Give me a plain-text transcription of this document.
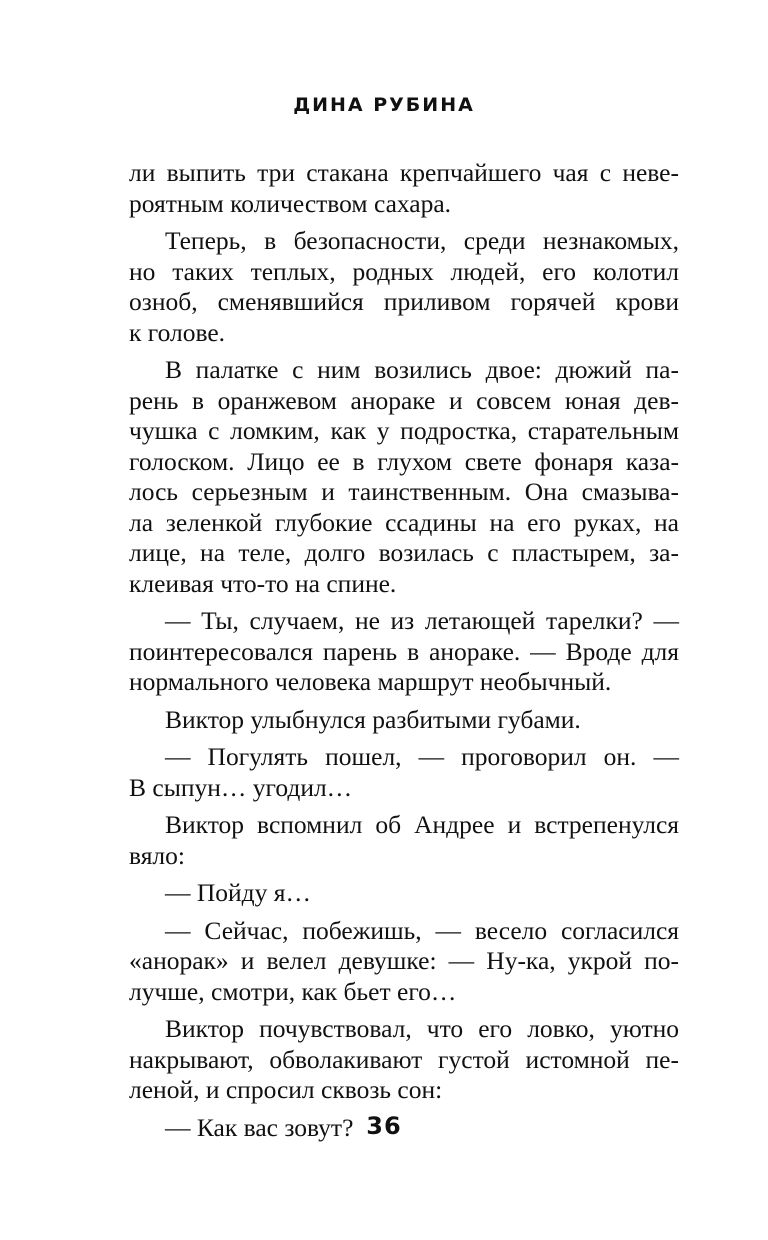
ДИНА РУБИНА
ли выпить три стакана крепчайшего чая с неве-
роятным количеством сахара.
Теперь, в безопасности, среди незнакомых,
но таких теплых, родных людей, его колотил
озноб, сменявшийся приливом горячей крови
к голове.
В палатке с ним возились двое: дюжий па-
рень в оранжевом анораке и совсем юная дев-
чушка с ломким, как у подростка, старательным
голоском. Лицо ее в глухом свете фонаря каза-
лось серьезным и таинственным. Она смазыва-
ла зеленкой глубокие ссадины на его руках, на
лице, на теле, долго возилась с пластырем, за-
клеивая что-то на спине.
— Ты, случаем, не из летающей тарелки? —
поинтересовался парень в анораке. — Вроде для
нормального человека маршрут необычный.
Виктор улыбнулся разбитыми губами.
— Погулять пошел, — проговорил он. —
В сыпун… угодил…
Виктор вспомнил об Андрее и встрепенулся
вяло:
— Пойду я…
— Сейчас, побежишь, — весело согласился
«анорак» и велел девушке: — Ну-ка, укрой по-
лучше, смотри, как бьет его…
Виктор почувствовал, что его ловко, уютно
накрывают, обволакивают густой истомной пе-
леной, и спросил сквозь сон:
— Как вас зовут? 36
